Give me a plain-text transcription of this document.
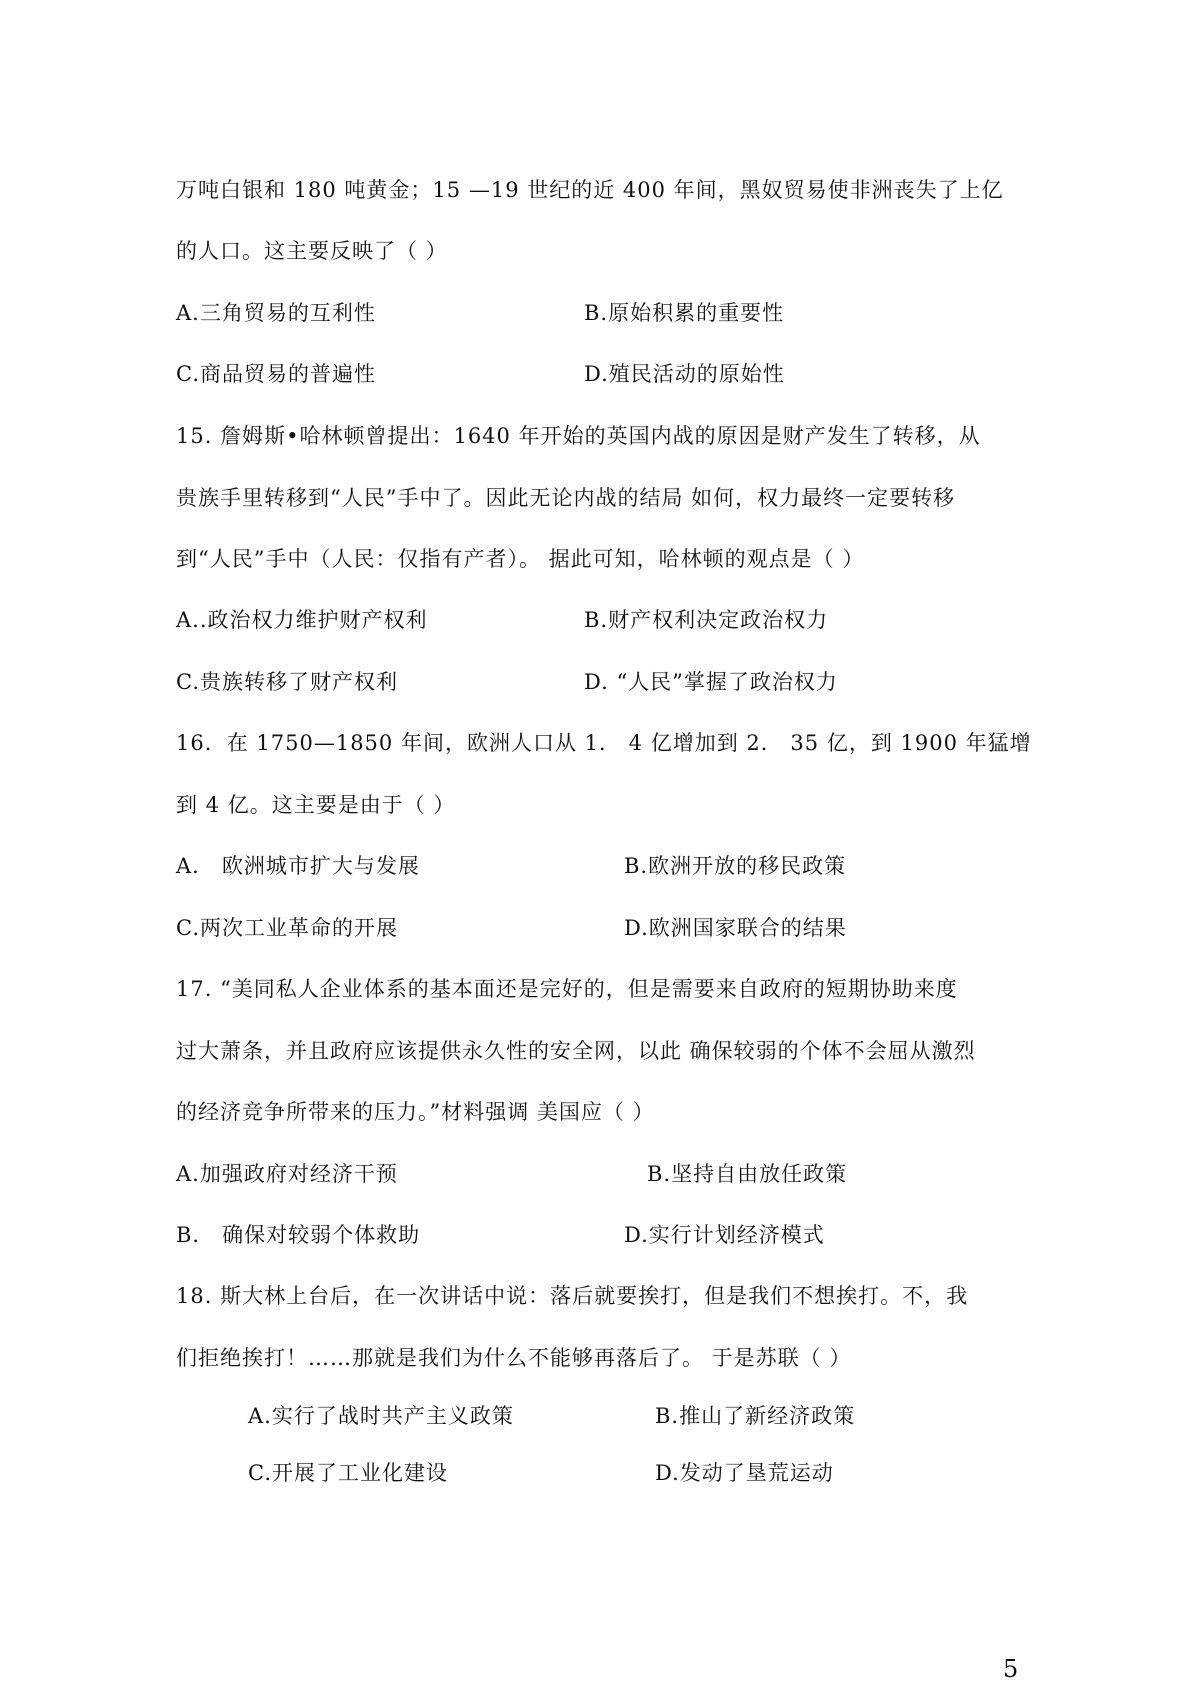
万吨白银和 180 吨黄金；15 —19 世纪的近 400 年间，黑奴贸易使非洲丧失了上亿
的人口。这主要反映了（ ）
A.三角贸易的互利性	B.原始积累的重要性
C.商品贸易的普遍性	D.殖民活动的原始性
15. 詹姆斯•哈林顿曾提出：1640 年开始的英国内战的原因是财产发生了转移，从
贵族手里转移到“人民”手中了。因此无论内战的结局 如何，权力最终一定要转移
到“人民”手中（人民：仅指有产者）。 据此可知，哈林顿的观点是（ ）
A..政治权力维护财产权利	B.财产权利决定政治权力
C.贵族转移了财产权利	D. “人民”掌握了政治权力
16．在 1750—1850 年间，欧洲人口从 1． 4 亿增加到 2． 35 亿，到 1900 年猛增
到 4 亿。这主要是由于（ ）
A． 欧洲城市扩大与发展	B.欧洲开放的移民政策
C.两次工业革命的开展	D.欧洲国家联合的结果
17. “美同私人企业体系的基本面还是完好的，但是需要来自政府的短期协助来度
过大萧条，并且政府应该提供永久性的安全网，以此 确保较弱的个体不会屈从激烈
的经济竞争所带来的压力。”材料强调 美国应（ ）
A.加强政府对经济干预	B.坚持自由放任政策
B． 确保对较弱个体救助	D.实行计划经济模式
18. 斯大林上台后，在一次讲话中说：落后就要挨打，但是我们不想挨打。不，我
们拒绝挨打！……那就是我们为什么不能够再落后了。 于是苏联（ ）
A.实行了战时共产主义政策	B.推山了新经济政策
C.开展了工业化建设	D.发动了垦荒运动
5
